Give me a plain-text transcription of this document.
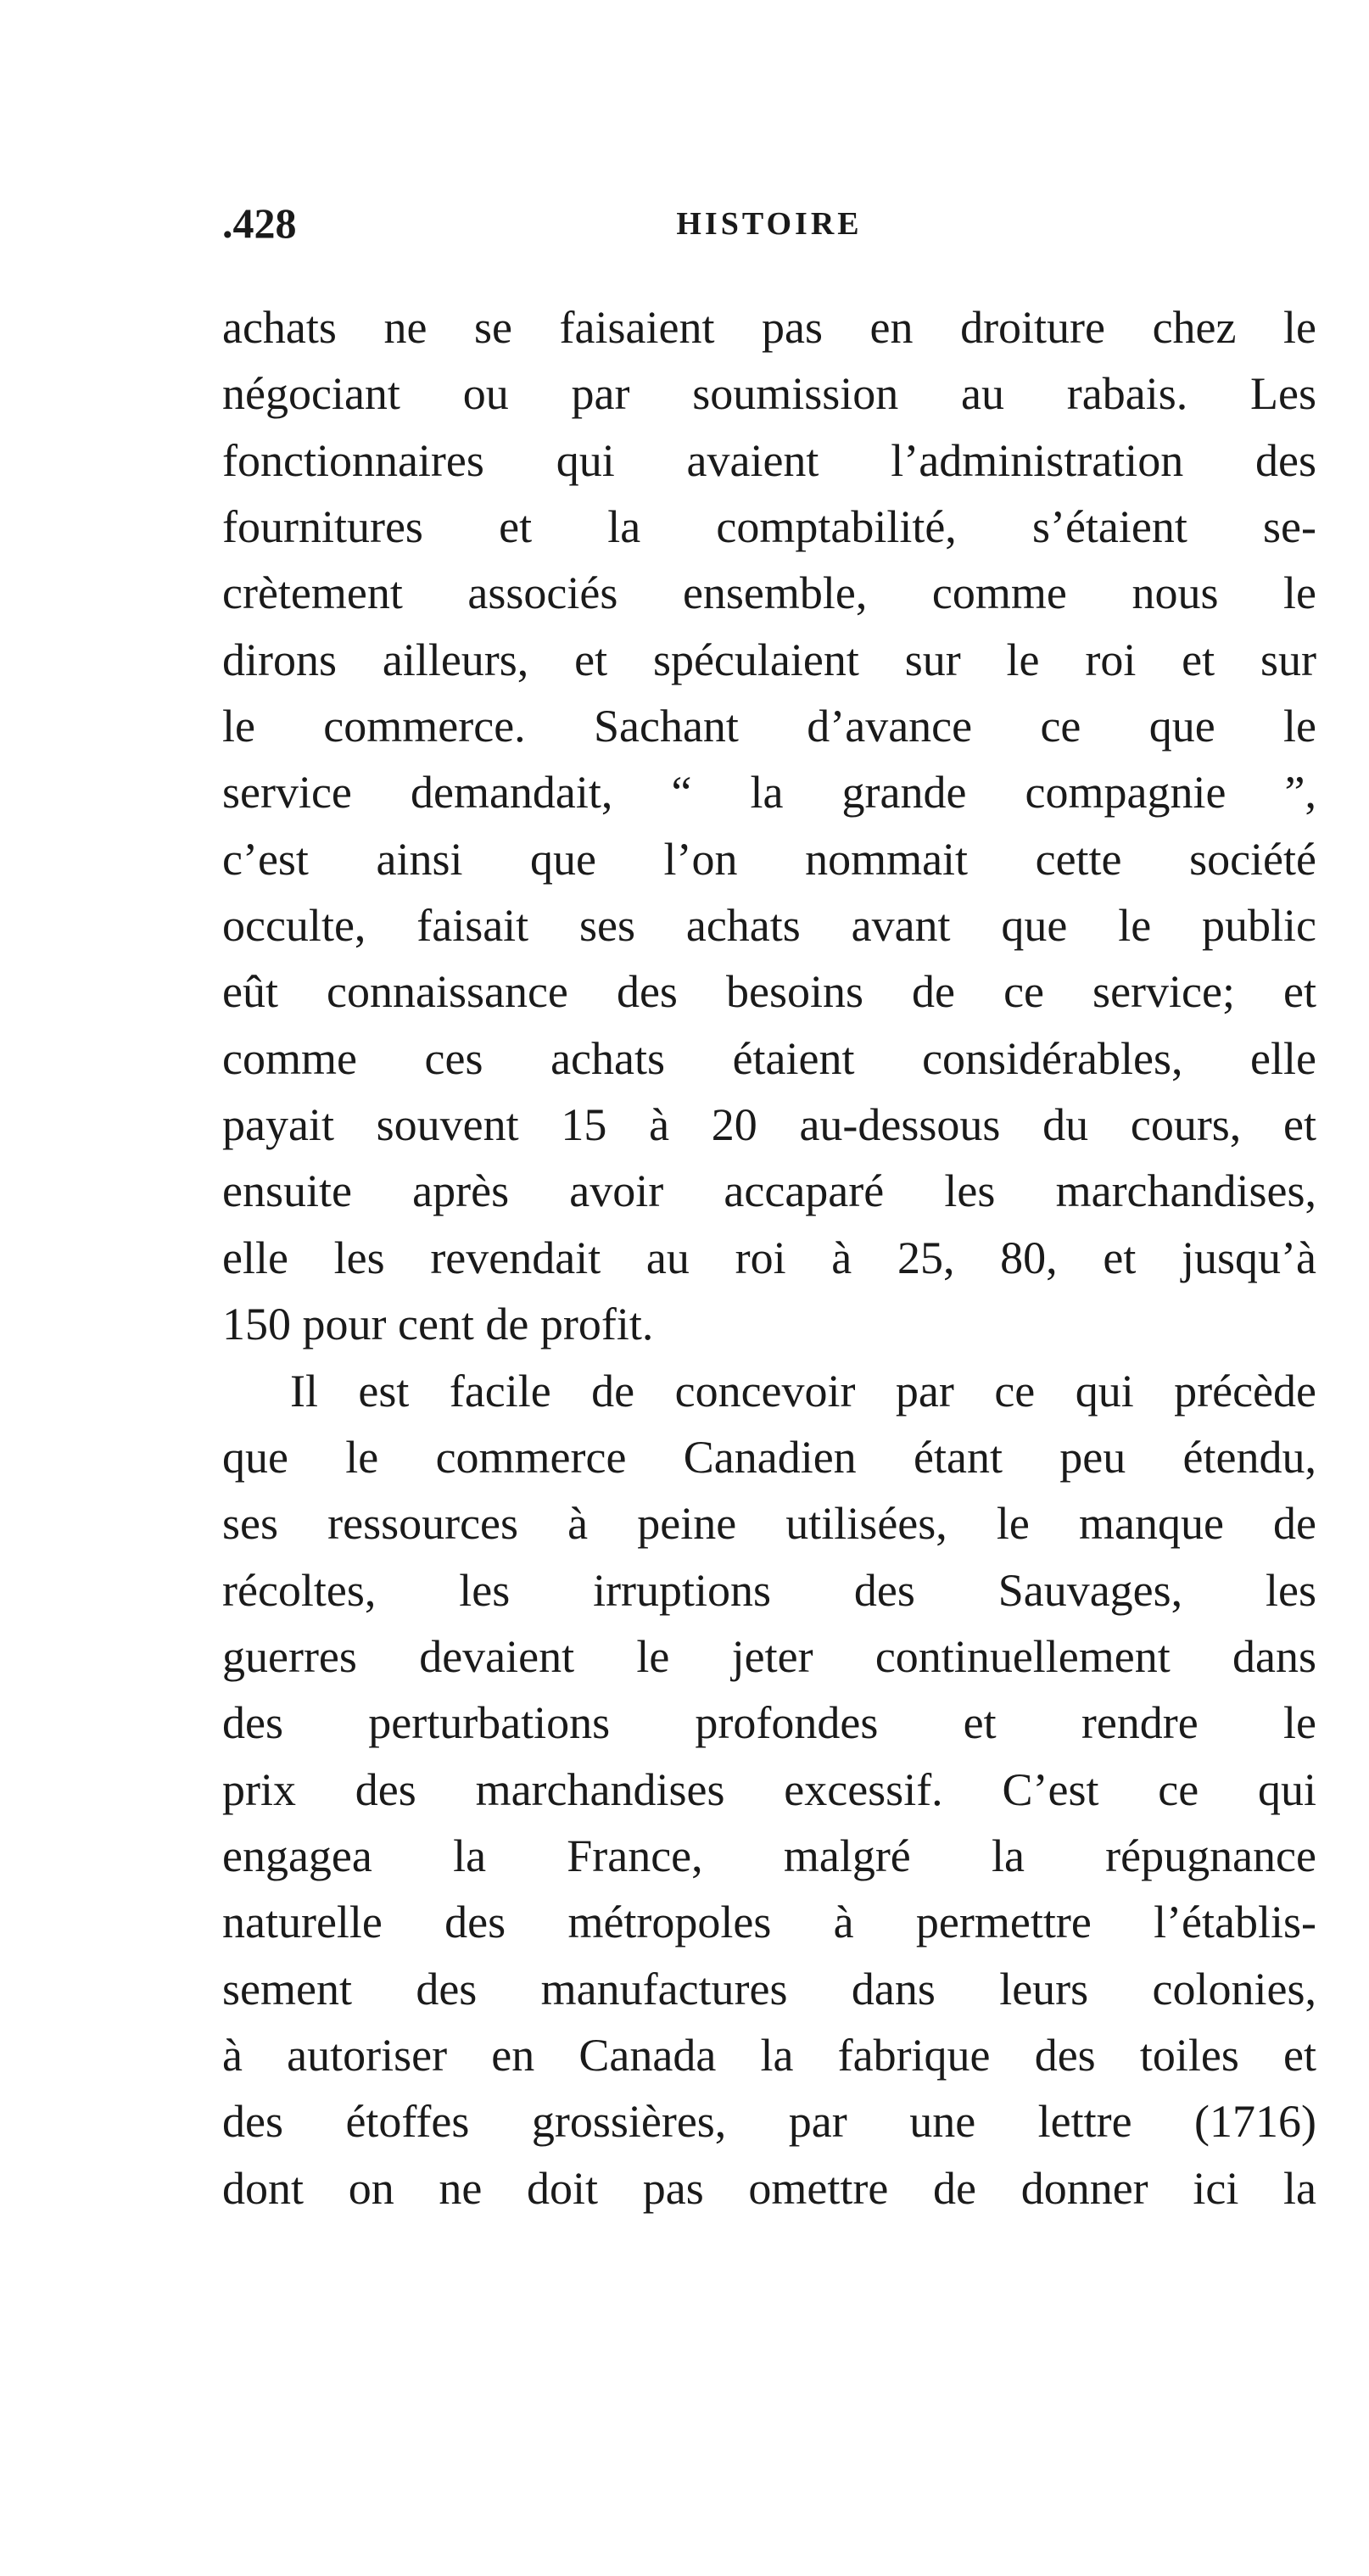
.428	HISTOIRE
achats ne se faisaient pas en droiture chez le
négociant ou par soumission au rabais. Les
fonctionnaires qui avaient l’administration des
fournitures et la comptabilité, s’étaient se-
crètement associés ensemble, comme nous le
dirons ailleurs, et spéculaient sur le roi et sur
le commerce. Sachant d’avance ce que le
service demandait, “ la grande compagnie ”,
c’est ainsi que l’on nommait cette société
occulte, faisait ses achats avant que le public
eût connaissance des besoins de ce service; et
comme ces achats étaient considérables, elle
payait souvent 15 à 20 au-dessous du cours, et
ensuite après avoir accaparé les marchandises,
elle les revendait au roi à 25, 80, et jusqu’à
150 pour cent de profit.
Il est facile de concevoir par ce qui précède
que le commerce Canadien étant peu étendu,
ses ressources à peine utilisées, le manque de
récoltes, les irruptions des Sauvages, les
guerres devaient le jeter continuellement dans
des perturbations profondes et rendre le
prix des marchandises excessif. C’est ce qui
engagea la France, malgré la répugnance
naturelle des métropoles à permettre l’établis-
sement des manufactures dans leurs colonies,
à autoriser en Canada la fabrique des toiles et
des étoffes grossières, par une lettre (1716)
dont on ne doit pas omettre de donner ici la
